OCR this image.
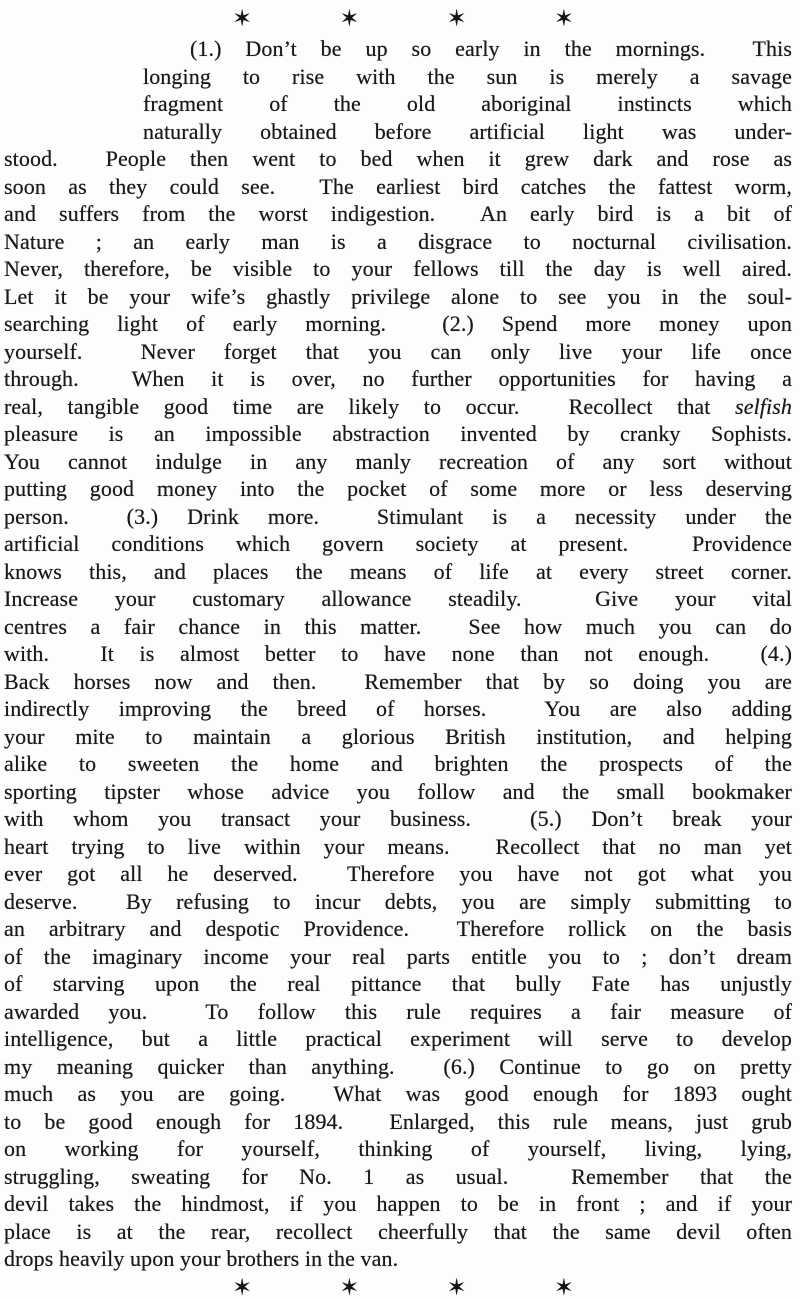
✶	✶	✶	✶
(1.) Don’t be up so early in the mornings.  This
longing to rise with the sun is merely a savage
fragment of the old aboriginal instincts which
naturally obtained before artificial light was under-
stood.  People then went to bed when it grew dark and rose as
soon as they could see.  The earliest bird catches the fattest worm,
and suffers from the worst indigestion.  An early bird is a bit of
Nature ; an early man is a disgrace to nocturnal civilisation.
Never, therefore, be visible to your fellows till the day is well aired.
Let it be your wife’s ghastly privilege alone to see you in the soul-
searching light of early morning.  (2.) Spend more money upon
yourself.  Never forget that you can only live your life once
through.  When it is over, no further opportunities for having a
real, tangible good time are likely to occur.  Recollect that selfish
pleasure is an impossible abstraction invented by cranky Sophists.
You cannot indulge in any manly recreation of any sort without
putting good money into the pocket of some more or less deserving
person.  (3.) Drink more.  Stimulant is a necessity under the
artificial conditions which govern society at present.  Providence
knows this, and places the means of life at every street corner.
Increase your customary allowance steadily.  Give your vital
centres a fair chance in this matter.  See how much you can do
with.  It is almost better to have none than not enough.  (4.)
Back horses now and then.  Remember that by so doing you are
indirectly improving the breed of horses.  You are also adding
your mite to maintain a glorious British institution, and helping
alike to sweeten the home and brighten the prospects of the
sporting tipster whose advice you follow and the small bookmaker
with whom you transact your business.  (5.) Don’t break your
heart trying to live within your means.  Recollect that no man yet
ever got all he deserved.  Therefore you have not got what you
deserve.  By refusing to incur debts, you are simply submitting to
an arbitrary and despotic Providence.  Therefore rollick on the basis
of the imaginary income your real parts entitle you to ; don’t dream
of starving upon the real pittance that bully Fate has unjustly
awarded you.  To follow this rule requires a fair measure of
intelligence, but a little practical experiment will serve to develop
my meaning quicker than anything.  (6.) Continue to go on pretty
much as you are going.  What was good enough for 1893 ought
to be good enough for 1894.  Enlarged, this rule means, just grub
on working for yourself, thinking of yourself, living, lying,
struggling, sweating for No. 1 as usual.  Remember that the
devil takes the hindmost, if you happen to be in front ; and if your
place is at the rear, recollect cheerfully that the same devil often
drops heavily upon your brothers in the van.
✶	✶	✶	✶
